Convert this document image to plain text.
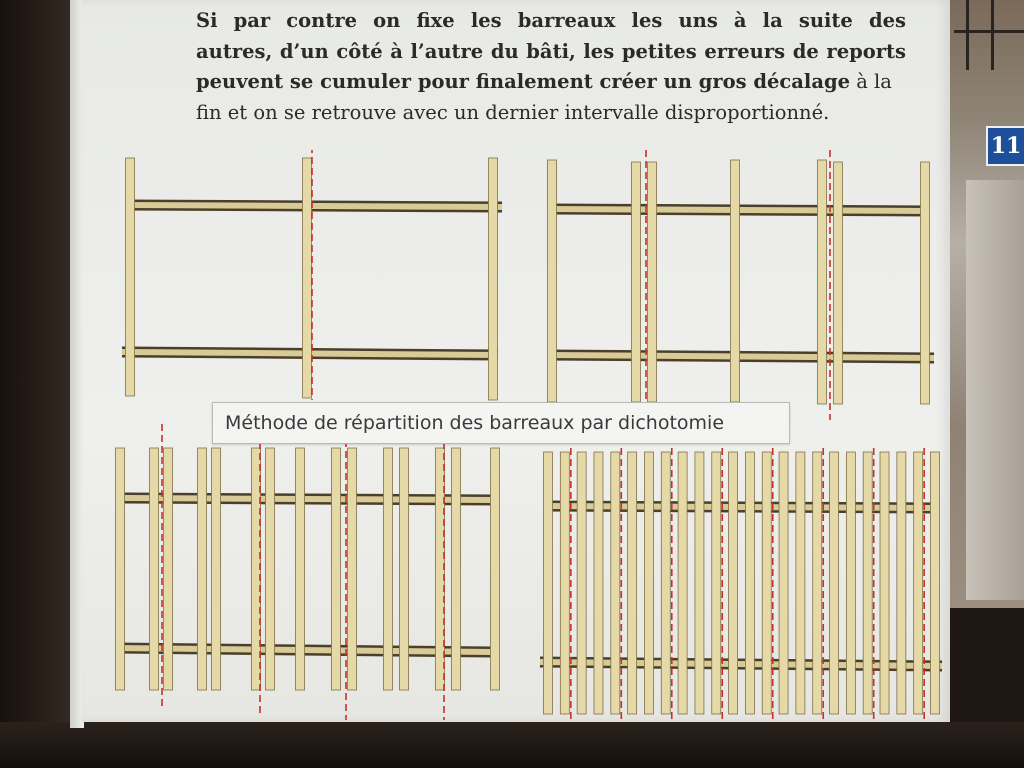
11
Si par contre on fixe les barreaux les uns à la suite des
autres, d’un côté à l’autre du bâti, les petites erreurs de reports
peuvent se cumuler pour finalement créer un gros décalage à la
fin et on se retrouve avec un dernier intervalle disproportionné.
Méthode de répartition des barreaux par dichotomie
